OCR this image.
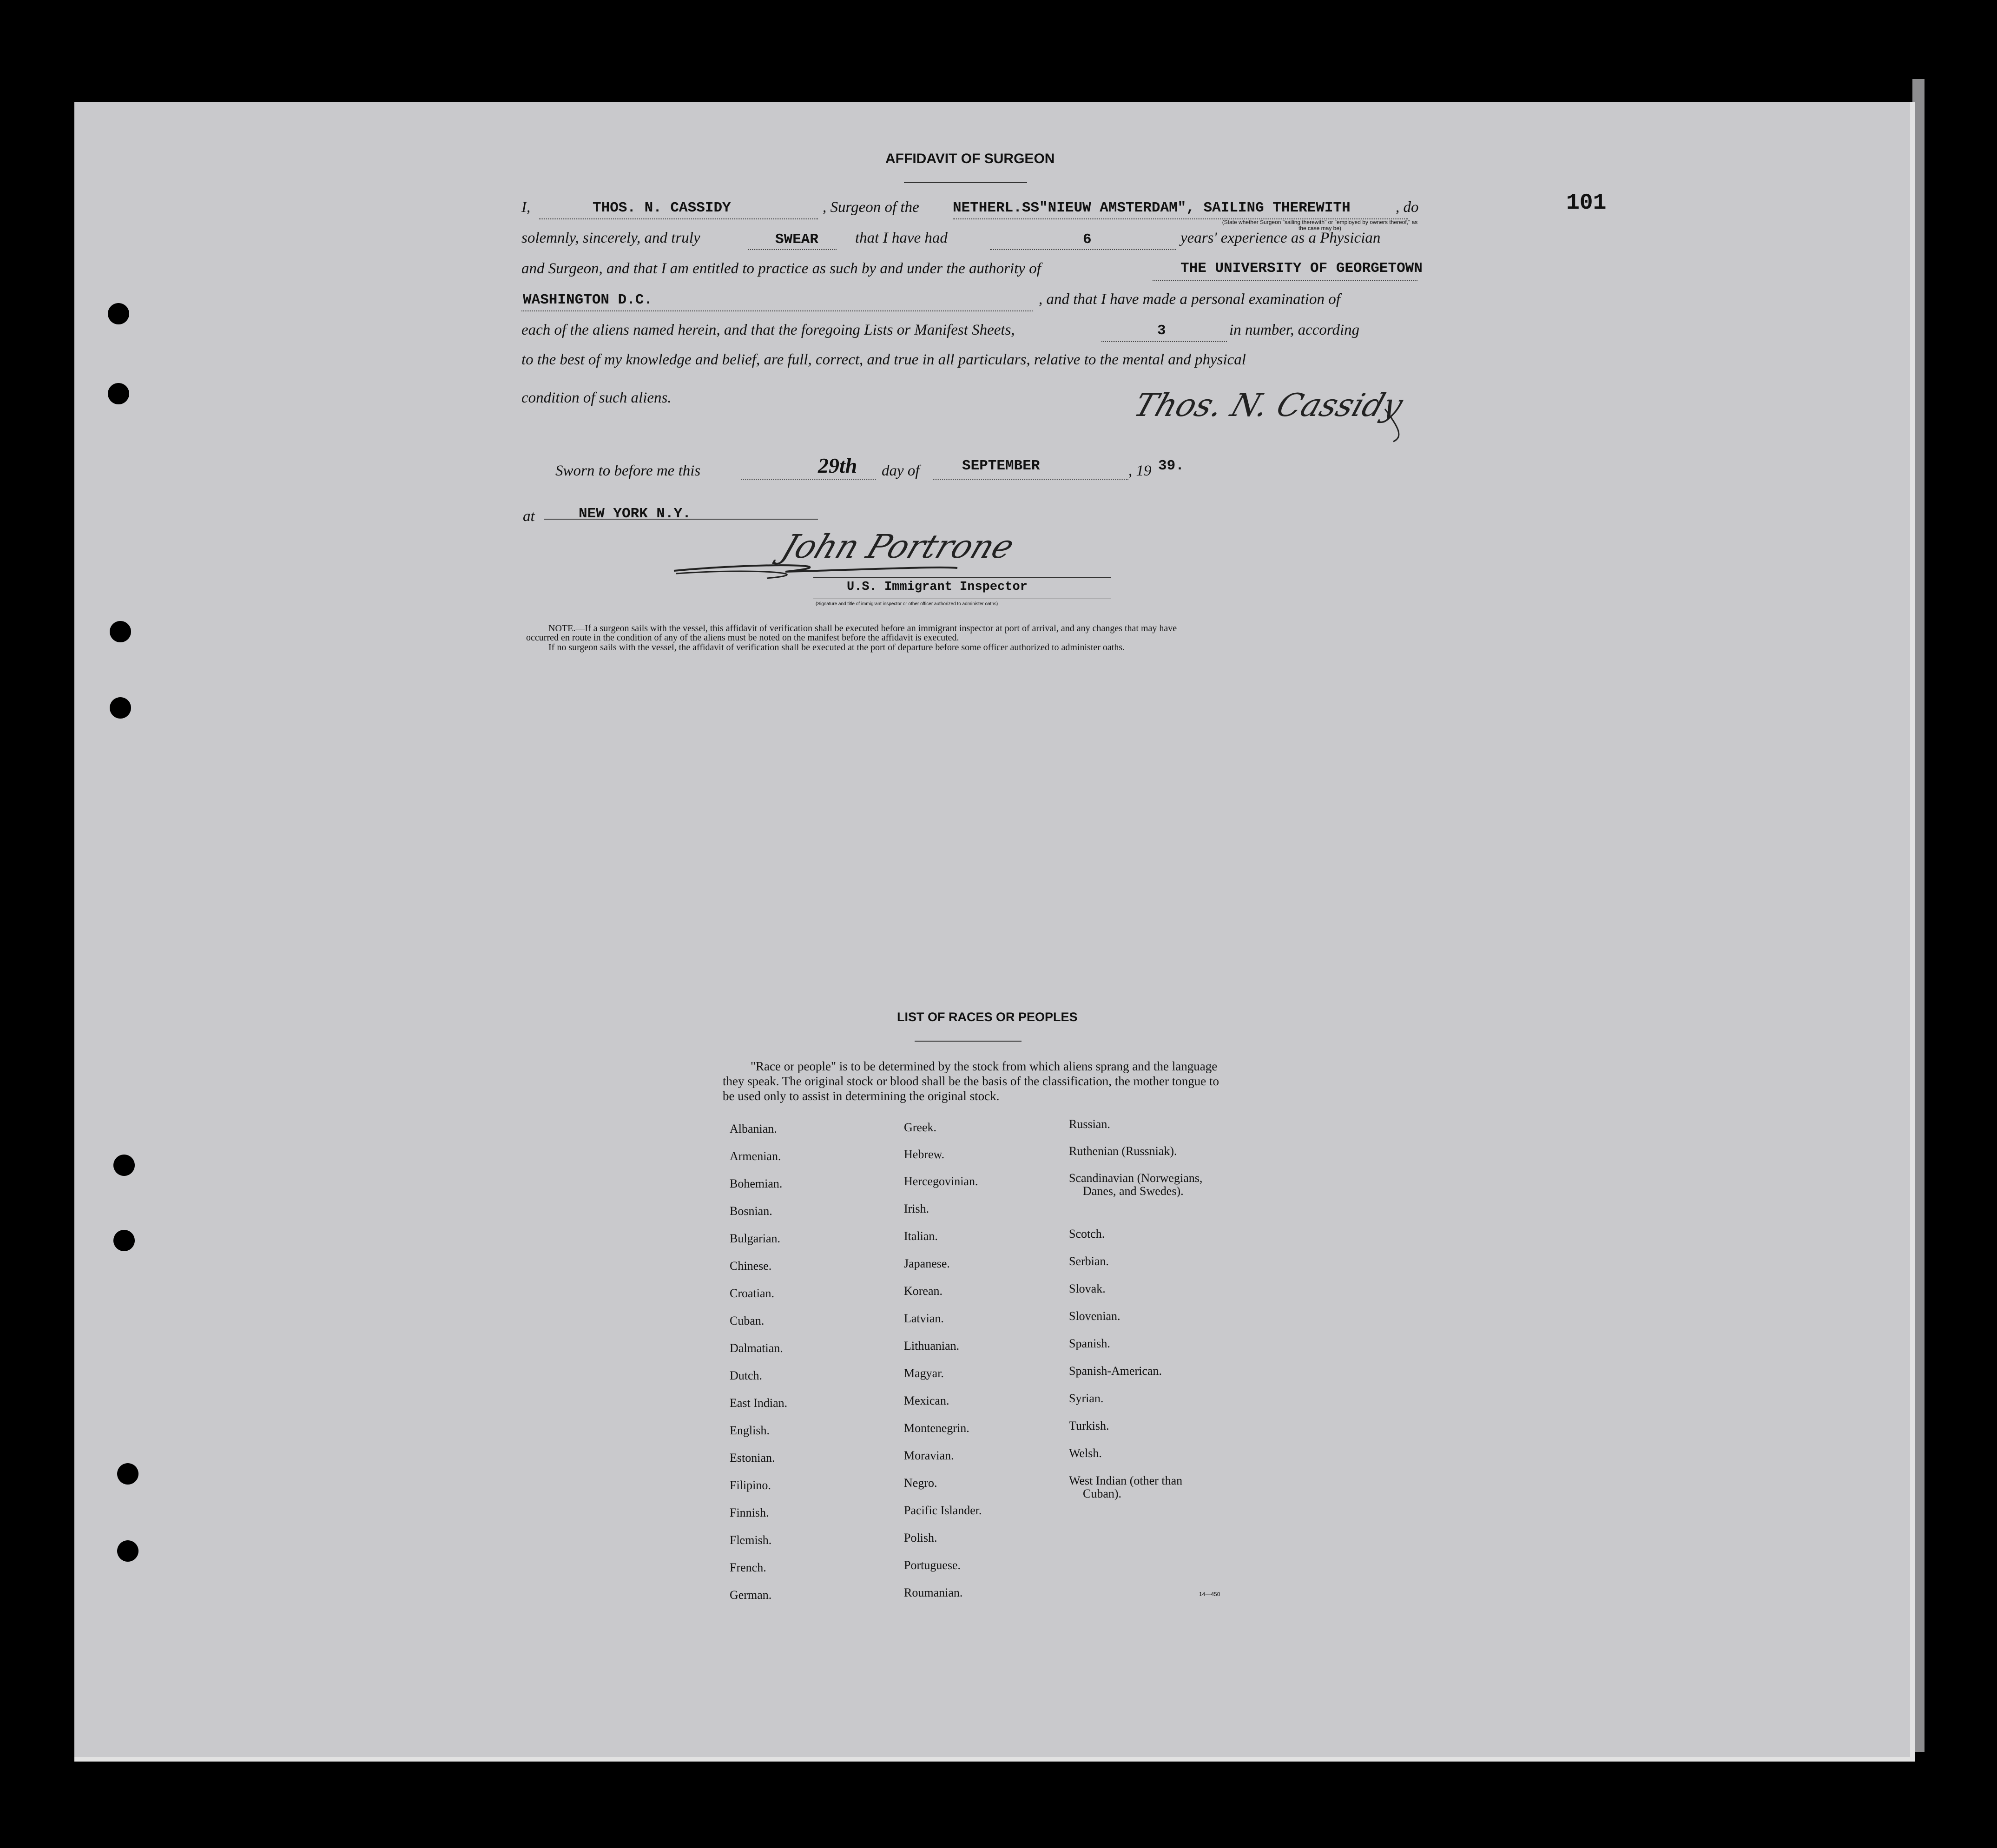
101
AFFIDAVIT OF SURGEON
I,	THOS. N. CASSIDY	, Surgeon of the NETHERL.SS"NIEUW AMSTERDAM", SAILING THEREWITH	, do
(State whether Surgeon "sailing therewith" or "employed by owners thereof," as the case may be)
solemnly, sincerely, and truly	SWEAR that I have had	6	years' experience as a Physician
and Surgeon, and that I am entitled to practice as such by and under the authority of	THE UNIVERSITY OF GEORGETOWN
WASHINGTON D.C.	, and that I have made a personal examination of
each of the aliens named herein, and that the foregoing Lists or Manifest Sheets,	3	in number, according
to the best of my knowledge and belief, are full, correct, and true in all particulars, relative to the mental and physical
condition of such aliens.	Thos. N. Cassidy
Sworn to before me this	29th day of	SEPTEMBER	, 19 39.
at	NEW YORK N.Y.
John Portrone
U.S. Immigrant Inspector
(Signature and title of immigrant inspector or other officer authorized to administer oaths)
NOTE.—If a surgeon sails with the vessel, this affidavit of verification shall be executed before an immigrant inspector at port of arrival, and any changes that may have
occurred en route in the condition of any of the aliens must be noted on the manifest before the affidavit is executed.
If no surgeon sails with the vessel, the affidavit of verification shall be executed at the port of departure before some officer authorized to administer oaths.
LIST OF RACES OR PEOPLES
"Race or people" is to be determined by the stock from which aliens sprang and the language they speak. The original stock or blood shall be the basis of the classification, the mother tongue to be used only to assist in determining the original stock.
Albanian.
Armenian.
Bohemian.
Bosnian.
Bulgarian.
Chinese.
Croatian.
Cuban.
Dalmatian.
Dutch.
East Indian.
English.
Estonian.
Filipino.
Finnish.
Flemish.
French.
German.
Greek.
Hebrew.
Hercegovinian.
Irish.
Italian.
Japanese.
Korean.
Latvian.
Lithuanian.
Magyar.
Mexican.
Montenegrin.
Moravian.
Negro.
Pacific Islander.
Polish.
Portuguese.
Roumanian.
Russian.
Ruthenian (Russniak).
Scandinavian (Norwegians,
Danes, and Swedes).
Scotch.
Serbian.
Slovak.
Slovenian.
Spanish.
Spanish-American.
Syrian.
Turkish.
Welsh.
West Indian (other than
Cuban).
14—450
